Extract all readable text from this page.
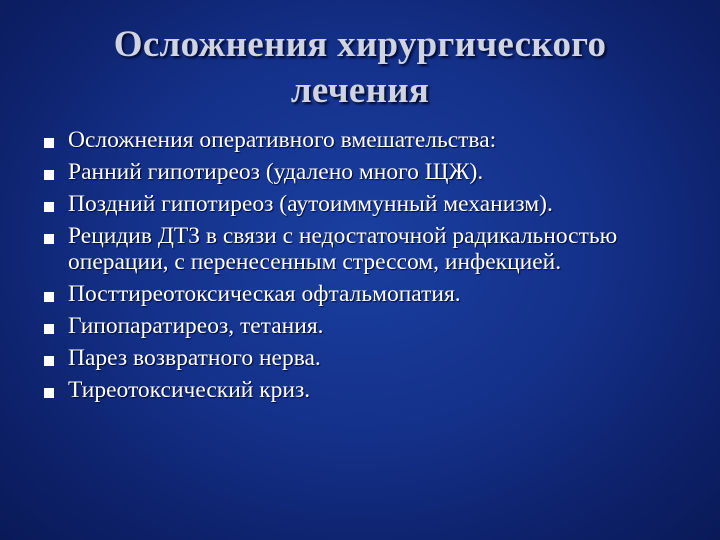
Осложнения хирургического
лечения
Осложнения оперативного вмешательства:
Ранний гипотиреоз (удалено много ЩЖ).
Поздний гипотиреоз (аутоиммунный механизм).
Рецидив ДТЗ в связи с недостаточной радикальностью операции, с перенесенным стрессом, инфекцией.
Посттиреотоксическая офтальмопатия.
Гипопаратиреоз, тетания.
Парез возвратного нерва.
Тиреотоксический криз.
